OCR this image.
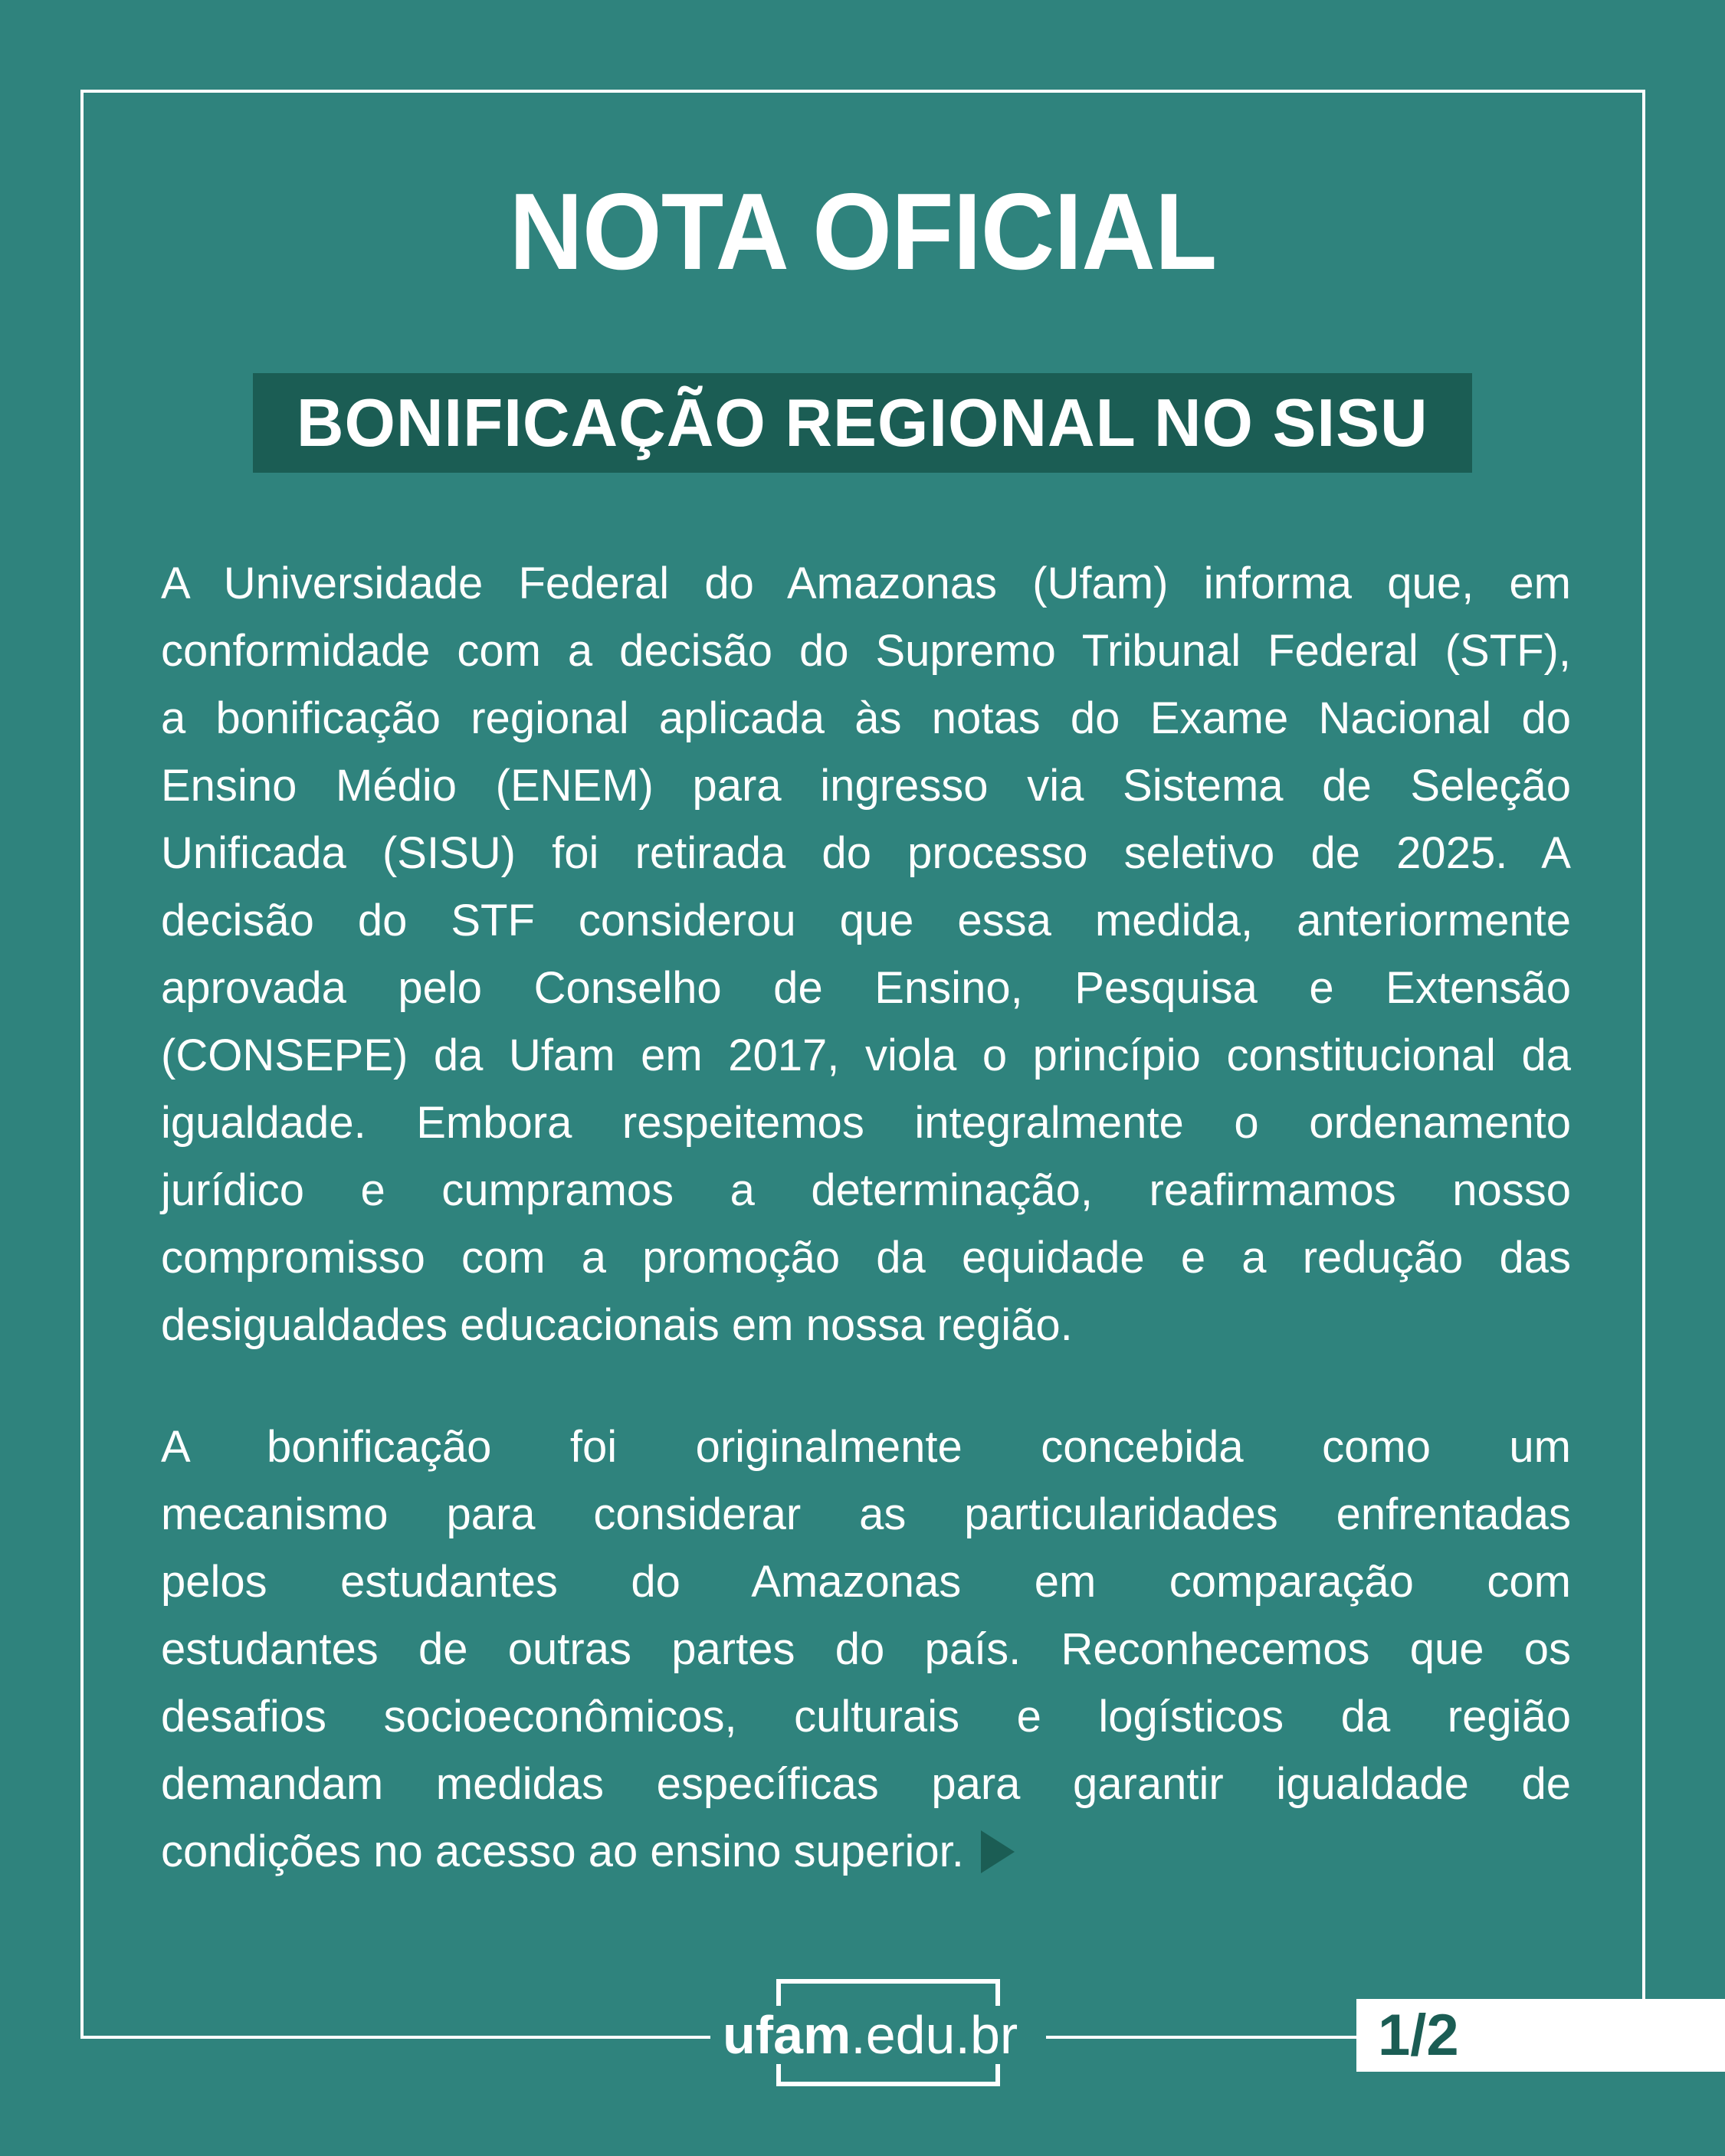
NOTA OFICIAL
BONIFICAÇÃO REGIONAL NO SISU
A Universidade Federal do Amazonas (Ufam) informa que, em
conformidade com a decisão do Supremo Tribunal Federal (STF),
a bonificação regional aplicada às notas do Exame Nacional do
Ensino Médio (ENEM) para ingresso via Sistema de Seleção
Unificada (SISU) foi retirada do processo seletivo de 2025. A
decisão do STF considerou que essa medida, anteriormente
aprovada pelo Conselho de Ensino, Pesquisa e Extensão
(CONSEPE) da Ufam em 2017, viola o princípio constitucional da
igualdade. Embora respeitemos integralmente o ordenamento
jurídico e cumpramos a determinação, reafirmamos nosso
compromisso com a promoção da equidade e a redução das
desigualdades educacionais em nossa região.
A bonificação foi originalmente concebida como um
mecanismo para considerar as particularidades enfrentadas
pelos estudantes do Amazonas em comparação com
estudantes de outras partes do país. Reconhecemos que os
desafios socioeconômicos, culturais e logísticos da região
demandam medidas específicas para garantir igualdade de
condições no acesso ao ensino superior.
ufam.edu.br	1/2
